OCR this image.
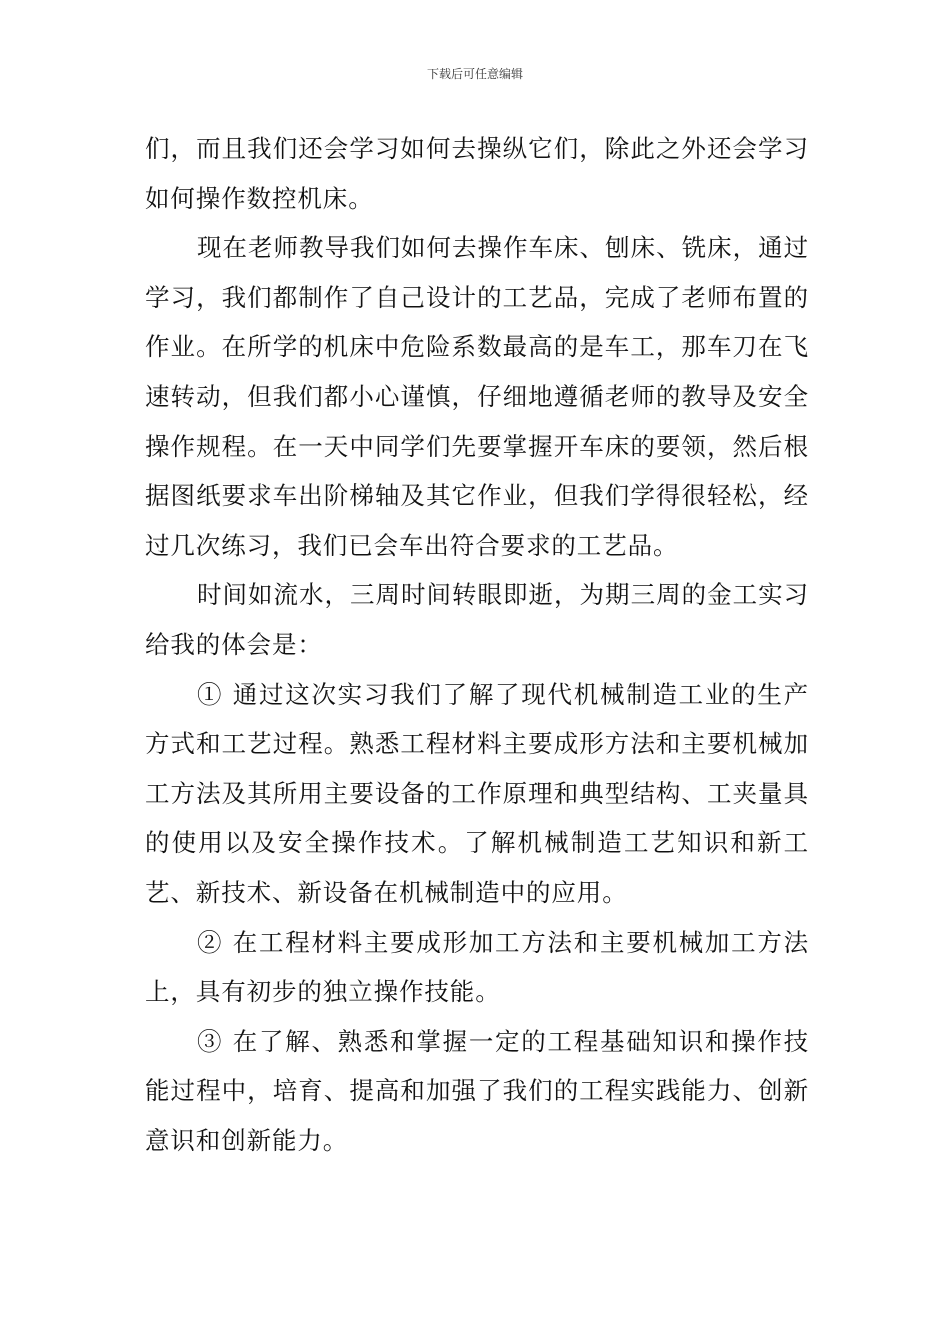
下载后可任意编辑

们，而且我们还会学习如何去操纵它们，除此之外还会学习如何操作数控机床。

现在老师教导我们如何去操作车床、刨床、铣床，通过学习，我们都制作了自己设计的工艺品，完成了老师布置的作业。在所学的机床中危险系数最高的是车工，那车刀在飞速转动，但我们都小心谨慎，仔细地遵循老师的教导及安全操作规程。在一天中同学们先要掌握开车床的要领，然后根据图纸要求车出阶梯轴及其它作业，但我们学得很轻松，经过几次练习，我们已会车出符合要求的工艺品。

时间如流水，三周时间转眼即逝，为期三周的金工实习给我的体会是：

① 通过这次实习我们了解了现代机械制造工业的生产方式和工艺过程。熟悉工程材料主要成形方法和主要机械加工方法及其所用主要设备的工作原理和典型结构、工夹量具的使用以及安全操作技术。了解机械制造工艺知识和新工艺、新技术、新设备在机械制造中的应用。

② 在工程材料主要成形加工方法和主要机械加工方法上，具有初步的独立操作技能。

③ 在了解、熟悉和掌握一定的工程基础知识和操作技能过程中，培育、提高和加强了我们的工程实践能力、创新意识和创新能力。
